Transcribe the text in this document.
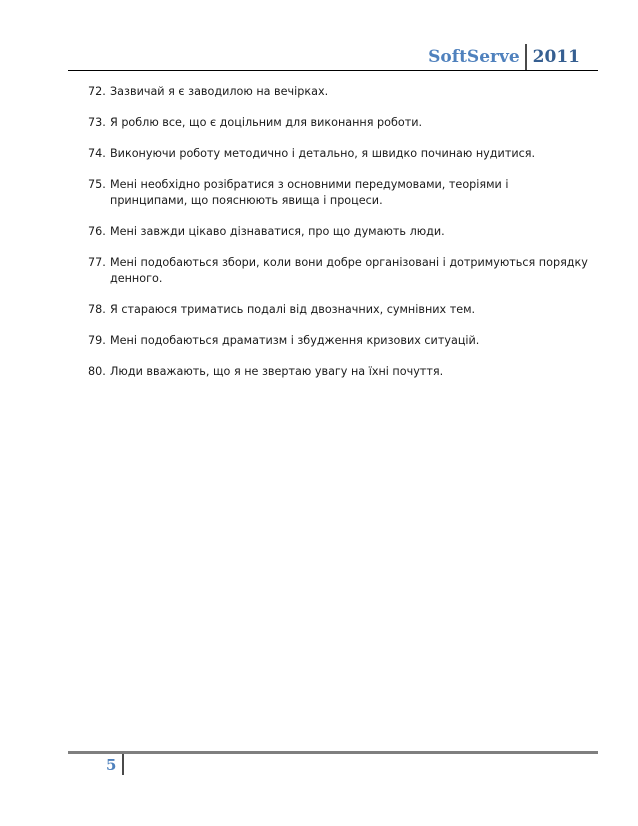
SoftServe 2011
72. Зазвичай я є заводилою на вечірках.
73. Я роблю все, що є доцільним для виконання роботи.
74. Виконуючи роботу методично і детально, я швидко починаю нудитися.
75. Мені необхідно розібратися з основними передумовами, теоріями і принципами, що пояснюють явища і процеси.
76. Мені завжди цікаво дізнаватися, про що думають люди.
77. Мені подобаються збори, коли вони добре організовані і дотримуються порядку денного.
78. Я стараюся триматись подалі від двозначних, сумнівних тем.
79. Мені подобаються драматизм і збудження кризових ситуацій.
80. Люди вважають, що я не звертаю увагу на їхні почуття.
5
